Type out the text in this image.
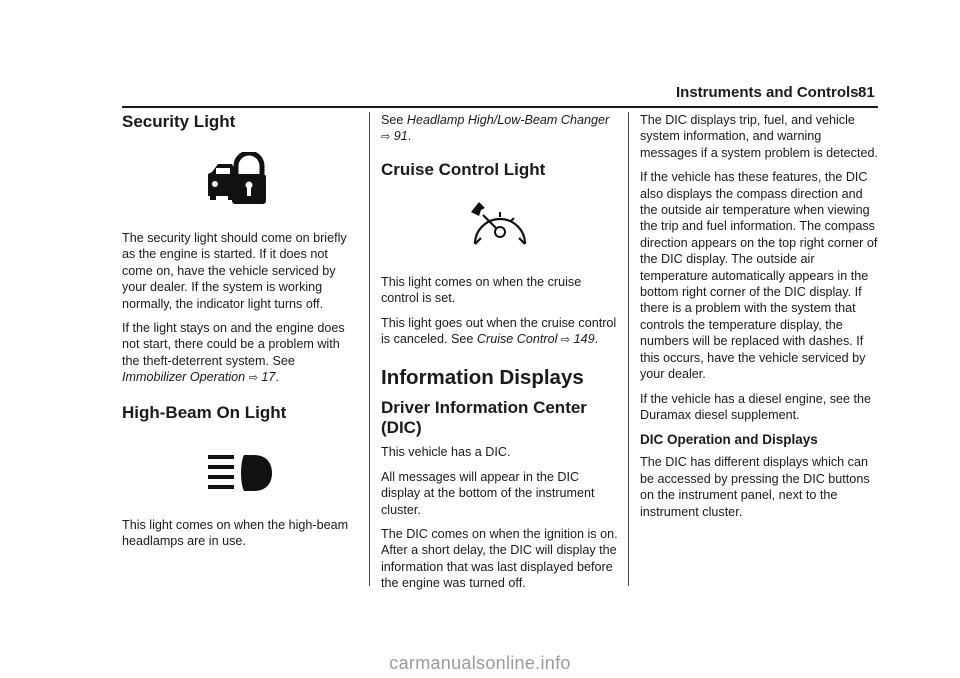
Instruments and Controls 81
Security Light

The security light should come on briefly as the engine is started. If it does not come on, have the vehicle serviced by your dealer. If the system is working normally, the indicator light turns off.

If the light stays on and the engine does not start, there could be a problem with the theft-deterrent system. See Immobilizer Operation ⇨ 17.

High-Beam On Light

This light comes on when the high-beam headlamps are in use.

See Headlamp High/Low-Beam Changer
⇨ 91.

Cruise Control Light

This light comes on when the cruise control is set.

This light goes out when the cruise control is canceled. See Cruise Control ⇨ 149.

Information Displays
Driver Information Center (DIC)

This vehicle has a DIC.

All messages will appear in the DIC display at the bottom of the instrument cluster.

The DIC comes on when the ignition is on. After a short delay, the DIC will display the information that was last displayed before the engine was turned off.

The DIC displays trip, fuel, and vehicle system information, and warning messages if a system problem is detected.

If the vehicle has these features, the DIC also displays the compass direction and the outside air temperature when viewing the trip and fuel information. The compass direction appears on the top right corner of the DIC display. The outside air temperature automatically appears in the bottom right corner of the DIC display. If there is a problem with the system that controls the temperature display, the numbers will be replaced with dashes. If this occurs, have the vehicle serviced by your dealer.

If the vehicle has a diesel engine, see the Duramax diesel supplement.

DIC Operation and Displays

The DIC has different displays which can be accessed by pressing the DIC buttons on the instrument panel, next to the instrument cluster.

carmanualsonline.info
